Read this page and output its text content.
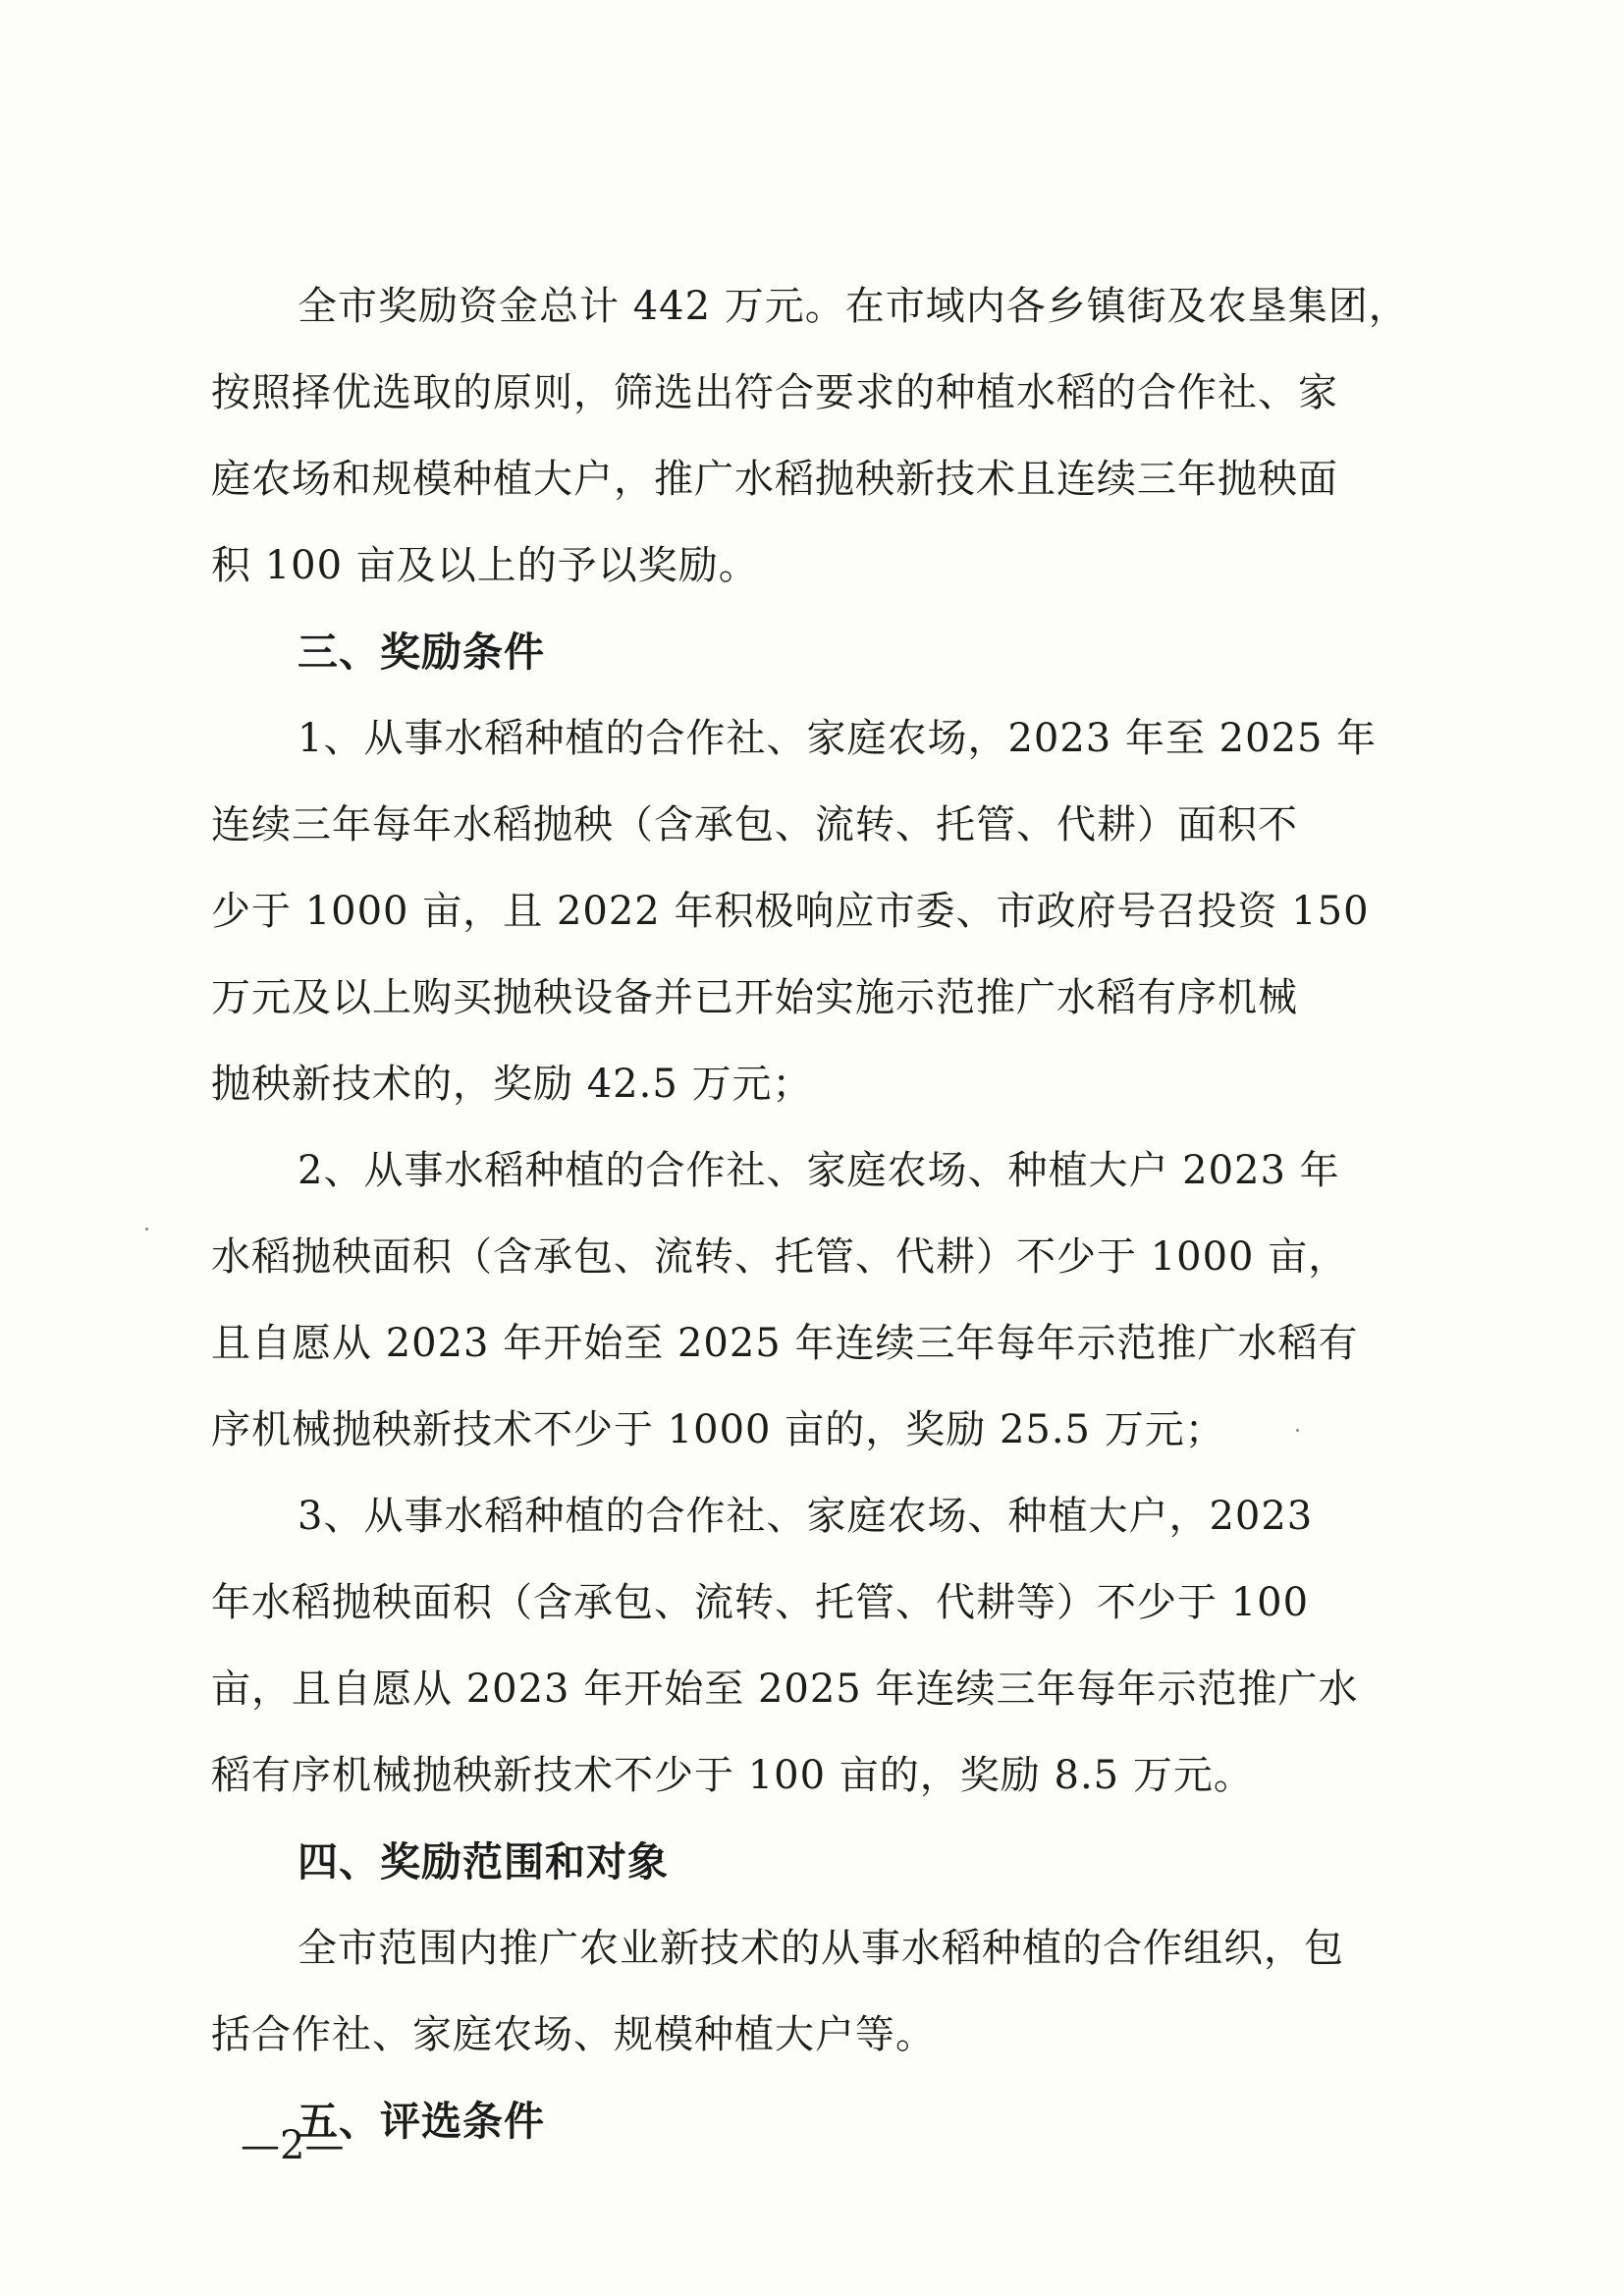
全市奖励资金总计 442 万元。在市域内各乡镇街及农垦集团，
按照择优选取的原则，筛选出符合要求的种植水稻的合作社、家
庭农场和规模种植大户，推广水稻抛秧新技术且连续三年抛秧面
积 100 亩及以上的予以奖励。
三、奖励条件
1、从事水稻种植的合作社、家庭农场，2023 年至 2025 年
连续三年每年水稻抛秧（含承包、流转、托管、代耕）面积不
少于 1000 亩，且 2022 年积极响应市委、市政府号召投资 150
万元及以上购买抛秧设备并已开始实施示范推广水稻有序机械
抛秧新技术的，奖励 42.5 万元；
2、从事水稻种植的合作社、家庭农场、种植大户 2023 年
水稻抛秧面积（含承包、流转、托管、代耕）不少于 1000 亩，
且自愿从 2023 年开始至 2025 年连续三年每年示范推广水稻有
序机械抛秧新技术不少于 1000 亩的，奖励 25.5 万元；
3、从事水稻种植的合作社、家庭农场、种植大户，2023
年水稻抛秧面积（含承包、流转、托管、代耕等）不少于 100
亩，且自愿从 2023 年开始至 2025 年连续三年每年示范推广水
稻有序机械抛秧新技术不少于 100 亩的，奖励 8.5 万元。
四、奖励范围和对象
全市范围内推广农业新技术的从事水稻种植的合作组织，包
括合作社、家庭农场、规模种植大户等。
五、评选条件
—2—
